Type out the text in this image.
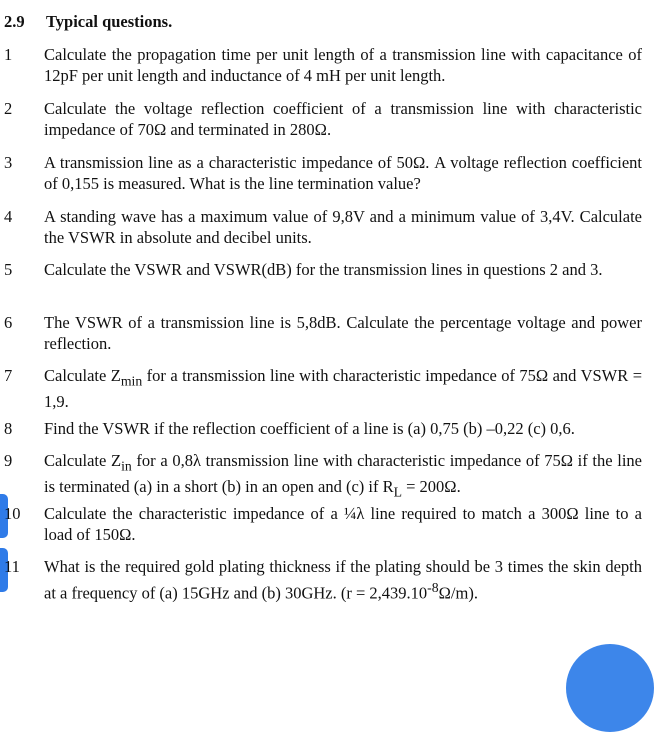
2.9 Typical questions.
1 Calculate the propagation time per unit length of a transmission line with capacitance of 12pF per unit length and inductance of 4 mH per unit length.
2 Calculate the voltage reflection coefficient of a transmission line with characteristic impedance of 70Ω and terminated in 280Ω.
3 A transmission line as a characteristic impedance of 50Ω. A voltage reflection coefficient of 0,155 is measured. What is the line termination value?
4 A standing wave has a maximum value of 9,8V and a minimum value of 3,4V. Calculate the VSWR in absolute and decibel units.
5 Calculate the VSWR and VSWR(dB) for the transmission lines in questions 2 and 3.
6 The VSWR of a transmission line is 5,8dB. Calculate the percentage voltage and power reflection.
7 Calculate $Z_{min}$ for a transmission line with characteristic impedance of 75Ω and VSWR = 1,9.
8 Find the VSWR if the reflection coefficient of a line is (a) 0,75 (b) –0,22 (c) 0,6.
9 Calculate $Z_{in}$ for a 0,8λ transmission line with characteristic impedance of 75Ω if the line is terminated (a) in a short (b) in an open and (c) if $R_L = 200\Omega$.
10 Calculate the characteristic impedance of a ¼λ line required to match a 300Ω line to a load of 150Ω.
11 What is the required gold plating thickness if the plating should be 3 times the skin depth at a frequency of (a) 15GHz and (b) 30GHz. $(r = 2,439.10^{-8}\Omega/m)$.
